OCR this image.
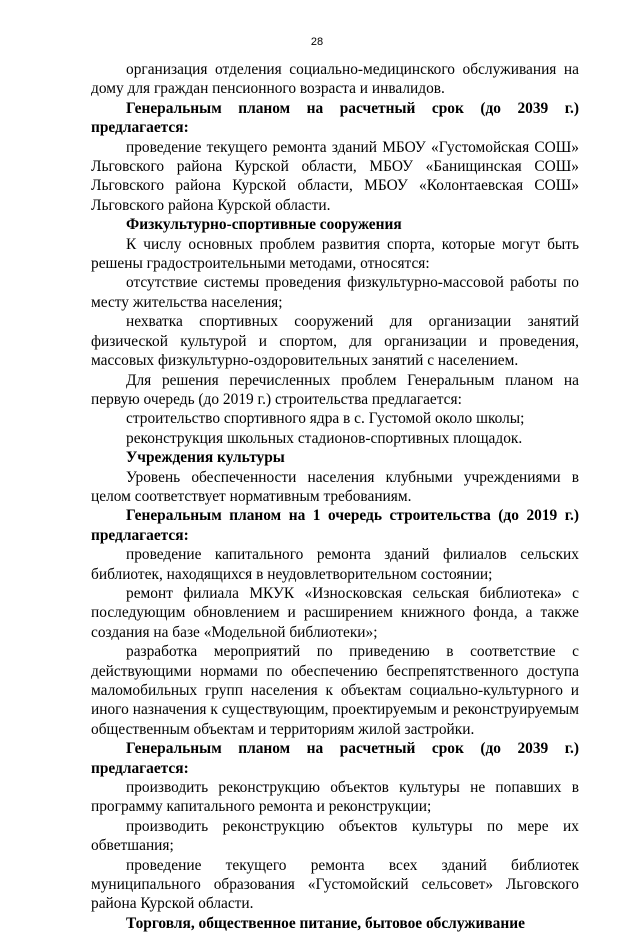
28

организация отделения социально-медицинского обслуживания на дому для граждан пенсионного возраста и инвалидов.

Генеральным планом на расчетный срок (до 2039 г.) предлагается:

проведение текущего ремонта зданий МБОУ «Густомойская СОШ» Льговского района Курской области, МБОУ «Банищинская СОШ» Льговского района Курской области, МБОУ «Колонтаевская СОШ» Льговского района Курской области.

Физкультурно-спортивные сооружения

К числу основных проблем развития спорта, которые могут быть решены градостроительными методами, относятся:

отсутствие системы проведения физкультурно-массовой работы по месту жительства населения;

нехватка спортивных сооружений для организации занятий физической культурой и спортом, для организации и проведения, массовых физкультурно-оздоровительных занятий с населением.

Для решения перечисленных проблем Генеральным планом на первую очередь (до 2019 г.) строительства предлагается:

строительство спортивного ядра в с. Густомой около школы;

реконструкция школьных стадионов-спортивных площадок.

Учреждения культуры

Уровень обеспеченности населения клубными учреждениями в целом соответствует нормативным требованиям.

Генеральным планом на 1 очередь строительства (до 2019 г.) предлагается:

проведение капитального ремонта зданий филиалов сельских библиотек, находящихся в неудовлетворительном состоянии;

ремонт филиала МКУК «Износковская сельская библиотека» с последующим обновлением и расширением книжного фонда, а также создания на базе «Модельной библиотеки»;

разработка мероприятий по приведению в соответствие с действующими нормами по обеспечению беспрепятственного доступа маломобильных групп населения к объектам социально-культурного и иного назначения к существующим, проектируемым и реконструируемым общественным объектам и территориям жилой застройки.

Генеральным планом на расчетный срок (до 2039 г.) предлагается:

производить реконструкцию объектов культуры не попавших в программу капитального ремонта и реконструкции;

производить реконструкцию объектов культуры по мере их обветшания;

проведение текущего ремонта всех зданий библиотек муниципального образования «Густомойский сельсовет» Льговского района Курской области.

Торговля, общественное питание, бытовое обслуживание
